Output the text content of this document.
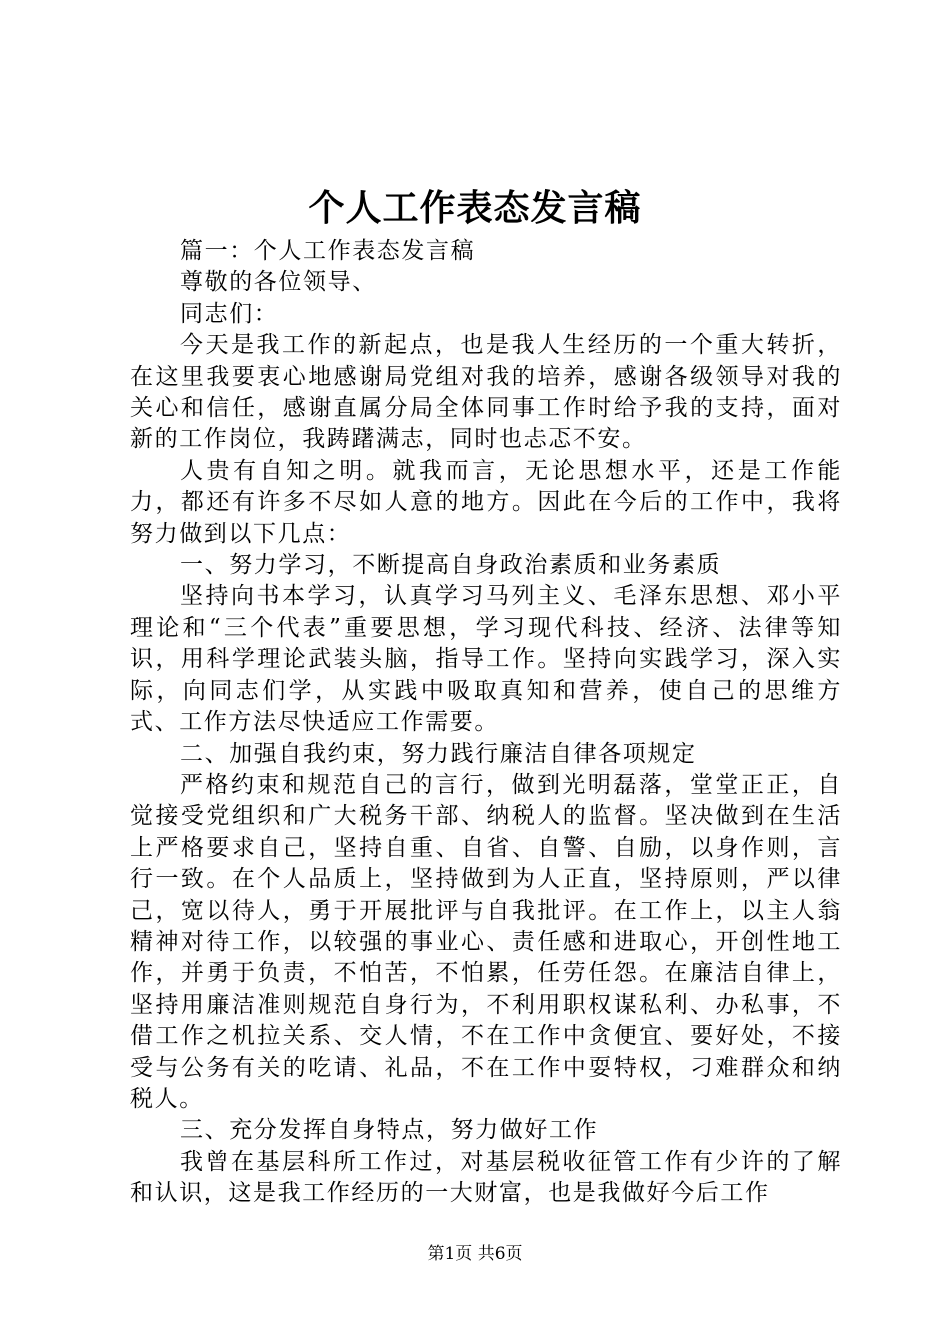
个人工作表态发言稿

篇一：个人工作表态发言稿

尊敬的各位领导、

同志们：

今天是我工作的新起点，也是我人生经历的一个重大转折，在这里我要衷心地感谢局党组对我的培养，感谢各级领导对我的关心和信任，感谢直属分局全体同事工作时给予我的支持，面对新的工作岗位，我踌躇满志，同时也忐忑不安。

人贵有自知之明。就我而言，无论思想水平，还是工作能力，都还有许多不尽如人意的地方。因此在今后的工作中，我将努力做到以下几点：

一、努力学习，不断提高自身政治素质和业务素质

坚持向书本学习，认真学习马列主义、毛泽东思想、邓小平理论和“三个代表”重要思想，学习现代科技、经济、法律等知识，用科学理论武装头脑，指导工作。坚持向实践学习，深入实际，向同志们学，从实践中吸取真知和营养，使自己的思维方式、工作方法尽快适应工作需要。

二、加强自我约束，努力践行廉洁自律各项规定

严格约束和规范自己的言行，做到光明磊落，堂堂正正，自觉接受党组织和广大税务干部、纳税人的监督。坚决做到在生活上严格要求自己，坚持自重、自省、自警、自励，以身作则，言行一致。在个人品质上，坚持做到为人正直，坚持原则，严以律己，宽以待人，勇于开展批评与自我批评。在工作上，以主人翁精神对待工作，以较强的事业心、责任感和进取心，开创性地工作，并勇于负责，不怕苦，不怕累，任劳任怨。在廉洁自律上，坚持用廉洁准则规范自身行为，不利用职权谋私利、办私事，不借工作之机拉关系、交人情，不在工作中贪便宜、要好处，不接受与公务有关的吃请、礼品，不在工作中耍特权，刁难群众和纳税人。

三、充分发挥自身特点，努力做好工作

我曾在基层科所工作过，对基层税收征管工作有少许的了解和认识，这是我工作经历的一大财富，也是我做好今后工作

第1页 共6页
